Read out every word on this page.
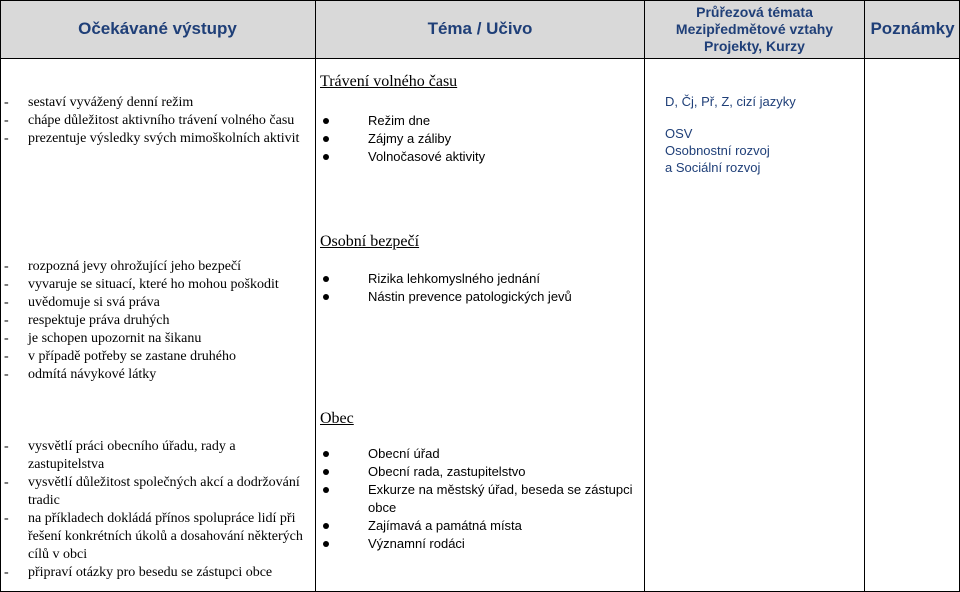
Očekávané výstupy	Téma / Učivo
Průřezová témata
Mezipředmětové vztahy
Projekty, Kurzy
Poznámky
- sestaví vyvážený denní režim
- chápe důležitost aktivního trávení volného času
- prezentuje výsledky svých mimoškolních aktivit
Trávení volného času
Režim dne
Zájmy a záliby
Volnočasové aktivity
D, Čj, Př, Z, cizí jazyky
OSV
Osobnostní rozvoj
a Sociální rozvoj
Osobní bezpečí
- rozpozná jevy ohrožující jeho bezpečí
- vyvaruje se situací, které ho mohou poškodit
- uvědomuje si svá práva
- respektuje práva druhých
- je schopen upozornit na šikanu
- v případě potřeby se zastane druhého
- odmítá návykové látky
Rizika lehkomyslného jednání
Nástin prevence patologických jevů
Obec
- vysvětlí práci obecního úřadu, rady a zastupitelstva
- vysvětlí důležitost společných akcí a dodržování tradic
- na příkladech dokládá přínos spolupráce lidí při řešení konkrétních úkolů a dosahování některých cílů v obci
- připraví otázky pro besedu se zástupci obce
Obecní úřad
Obecní rada, zastupitelstvo
Exkurze na městský úřad, beseda se zástupci obce
Zajímavá a památná místa
Významní rodáci
